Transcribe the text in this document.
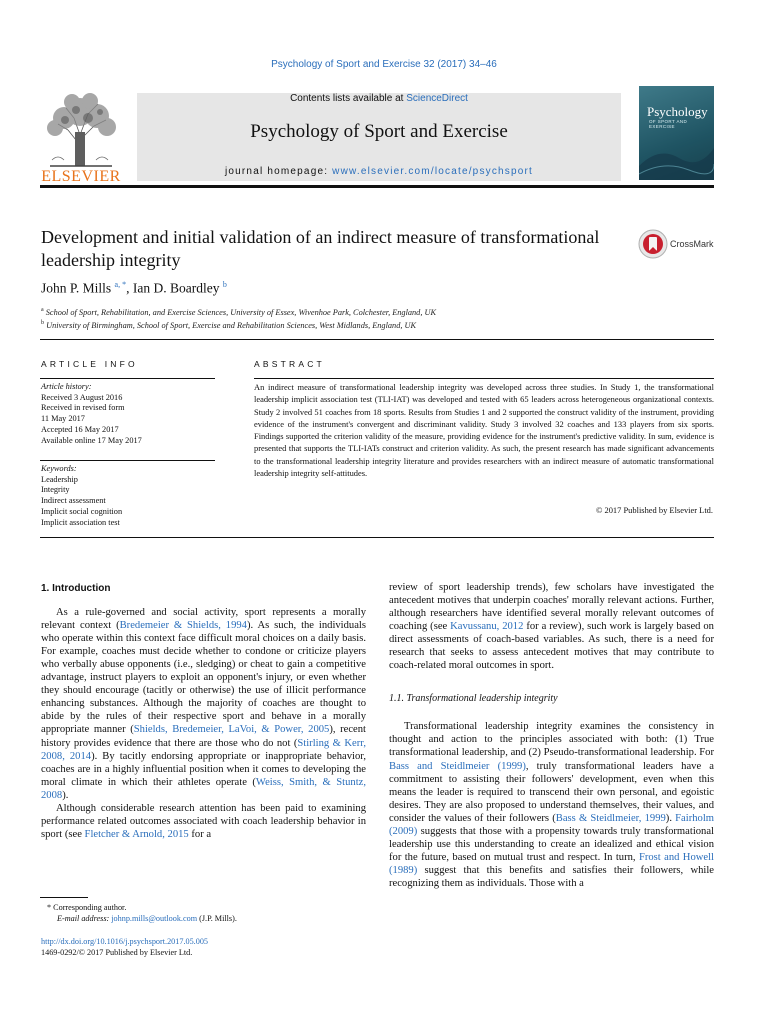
Psychology of Sport and Exercise 32 (2017) 34–46
ELSEVIER
Contents lists available at ScienceDirect
Psychology of Sport and Exercise
journal homepage: www.elsevier.com/locate/psychsport
Psychology
OF SPORT AND EXERCISE
Development and initial validation of an indirect measure of transformational leadership integrity
CrossMark
John P. Mills $^{a, *}$, Ian D. Boardley $^b$
$^a$ School of Sport, Rehabilitation, and Exercise Sciences, University of Essex, Wivenhoe Park, Colchester, England, UK
$^b$ University of Birmingham, School of Sport, Exercise and Rehabilitation Sciences, West Midlands, England, UK
ARTICLE INFO
Article history:
Received 3 August 2016
Received in revised form
11 May 2017
Accepted 16 May 2017
Available online 17 May 2017
Keywords:
Leadership
Integrity
Indirect assessment
Implicit social cognition
Implicit association test
ABSTRACT

An indirect measure of transformational leadership integrity was developed across three studies. In Study 1, the transformational leadership implicit association test (TLI-IAT) was developed and tested with 65 leaders across heterogeneous organizational contexts. Study 2 involved 51 coaches from 18 sports. Results from Studies 1 and 2 supported the construct validity of the instrument, providing evidence of the instrument's convergent and discriminant validity. Study 3 involved 32 coaches and 133 players from six sports. Findings supported the criterion validity of the measure, providing evidence for the instrument's predictive validity. In sum, evidence is presented that supports the TLI-IATs construct and criterion validity. As such, the present research has made significant advancements to the transformational leadership integrity literature and provides researchers with an indirect measure of automatic transformational leadership integrity self-attitudes.

© 2017 Published by Elsevier Ltd.
1. Introduction

As a rule-governed and social activity, sport represents a morally relevant context (Bredemeier & Shields, 1994). As such, the individuals who operate within this context face difficult moral choices on a daily basis. For example, coaches must decide whether to condone or criticize players who verbally abuse opponents (i.e., sledging) or cheat to gain a competitive advantage, instruct players to exploit an opponent's injury, or even whether they should encourage (tacitly or otherwise) the use of illicit performance enhancing substances. Although the majority of coaches are thought to abide by the rules of their respective sport and behave in a morally appropriate manner (Shields, Bredemeier, LaVoi, & Power, 2005), recent history provides evidence that there are those who do not (Stirling & Kerr, 2008, 2014). By tacitly endorsing appropriate or inappropriate behavior, coaches are in a highly influential position when it comes to developing the moral climate in which their athletes operate (Weiss, Smith, & Stuntz, 2008).

Although considerable research attention has been paid to examining performance related outcomes associated with coach leadership behavior in sport (see Fletcher & Arnold, 2015 for a

review of sport leadership trends), few scholars have investigated the antecedent motives that underpin coaches' morally relevant actions. Further, although researchers have identified several morally relevant outcomes of coaching (see Kavussanu, 2012 for a review), such work is largely based on direct assessments of coach-based variables. As such, there is a need for research that seeks to assess antecedent motives that may contribute to coach-related moral outcomes in sport.

1.1. Transformational leadership integrity

Transformational leadership integrity examines the consistency in thought and action to the principles associated with both: (1) True transformational leadership, and (2) Pseudo-transformational leadership. For Bass and Steidlmeier (1999), truly transformational leaders have a commitment to assisting their followers' development, even when this means the leader is required to transcend their own personal, and egoistic desires. They are also proposed to understand themselves, their values, and consider the values of their followers (Bass & Steidlmeier, 1999). Fairholm (2009) suggests that those with a propensity towards truly transformational leadership use this understanding to create an idealized and ethical vision for the future, based on mutual trust and respect. In turn, Frost and Howell (1989) suggest that this benefits and satisfies their followers, while recognizing them as individuals. Those with a

* Corresponding author.
E-mail address: johnp.mills@outlook.com (J.P. Mills).
http://dx.doi.org/10.1016/j.psychsport.2017.05.005
1469-0292/© 2017 Published by Elsevier Ltd.
